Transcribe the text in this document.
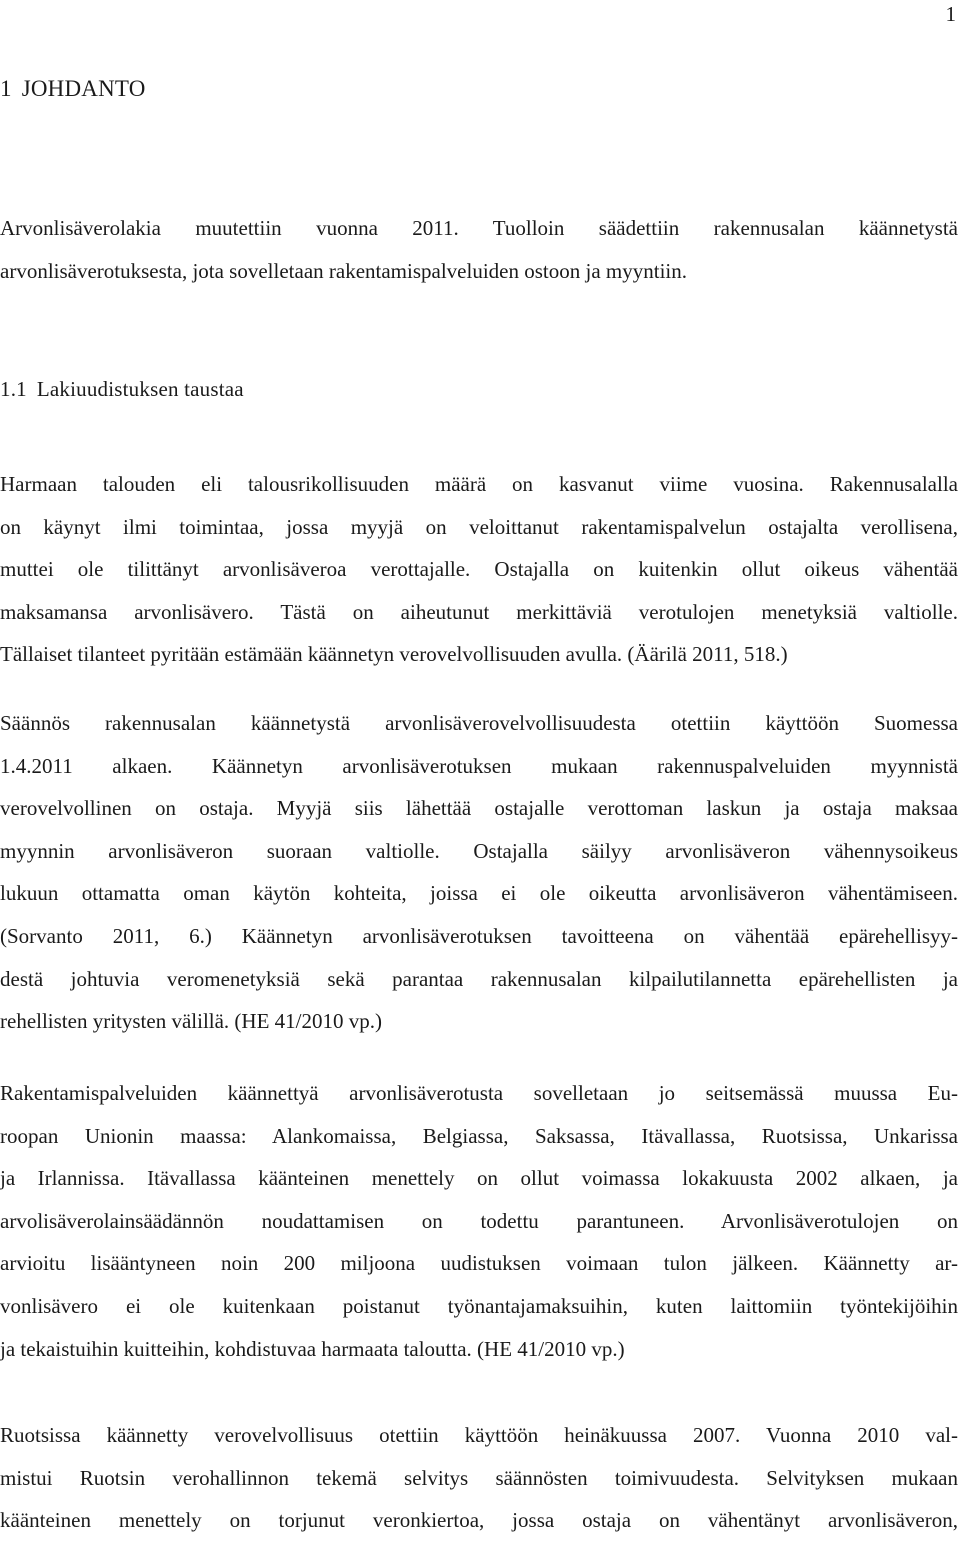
1
1 JOHDANTO

Arvonlisäverolakia muutettiin vuonna 2011. Tuolloin säädettiin rakennusalan käännetystä
arvonlisäverotuksesta, jota sovelletaan rakentamispalveluiden ostoon ja myyntiin.

1.1 Lakiuudistuksen taustaa

Harmaan talouden eli talousrikollisuuden määrä on kasvanut viime vuosina. Rakennusalalla
on käynyt ilmi toimintaa, jossa myyjä on veloittanut rakentamispalvelun ostajalta verollisena,
muttei ole tilittänyt arvonlisäveroa verottajalle. Ostajalla on kuitenkin ollut oikeus vähentää
maksamansa arvonlisävero. Tästä on aiheutunut merkittäviä verotulojen menetyksiä valtiolle.
Tällaiset tilanteet pyritään estämään käännetyn verovelvollisuuden avulla. (Äärilä 2011, 518.)

Säännös rakennusalan käännetystä arvonlisäverovelvollisuudesta otettiin käyttöön Suomessa
1.4.2011 alkaen. Käännetyn arvonlisäverotuksen mukaan rakennuspalveluiden myynnistä
verovelvollinen on ostaja. Myyjä siis lähettää ostajalle verottoman laskun ja ostaja maksaa
myynnin arvonlisäveron suoraan valtiolle. Ostajalla säilyy arvonlisäveron vähennysoikeus
lukuun ottamatta oman käytön kohteita, joissa ei ole oikeutta arvonlisäveron vähentämiseen.
(Sorvanto 2011, 6.) Käännetyn arvonlisäverotuksen tavoitteena on vähentää epärehellisyy-
destä johtuvia veromenetyksiä sekä parantaa rakennusalan kilpailutilannetta epärehellisten ja
rehellisten yritysten välillä. (HE 41/2010 vp.)

Rakentamispalveluiden käännettyä arvonlisäverotusta sovelletaan jo seitsemässä muussa Eu-
roopan Unionin maassa: Alankomaissa, Belgiassa, Saksassa, Itävallassa, Ruotsissa, Unkarissa
ja Irlannissa. Itävallassa käänteinen menettely on ollut voimassa lokakuusta 2002 alkaen, ja
arvolisäverolainsäädännön noudattamisen on todettu parantuneen. Arvonlisäverotulojen on
arvioitu lisääntyneen noin 200 miljoona uudistuksen voimaan tulon jälkeen. Käännetty ar-
vonlisävero ei ole kuitenkaan poistanut työnantajamaksuihin, kuten laittomiin työntekijöihin
ja tekaistuihin kuitteihin, kohdistuvaa harmaata taloutta. (HE 41/2010 vp.)

Ruotsissa käännetty verovelvollisuus otettiin käyttöön heinäkuussa 2007. Vuonna 2010 val-
mistui Ruotsin verohallinnon tekemä selvitys säännösten toimivuudesta. Selvityksen mukaan
käänteinen menettely on torjunut veronkiertoa, jossa ostaja on vähentänyt arvonlisäveron,
